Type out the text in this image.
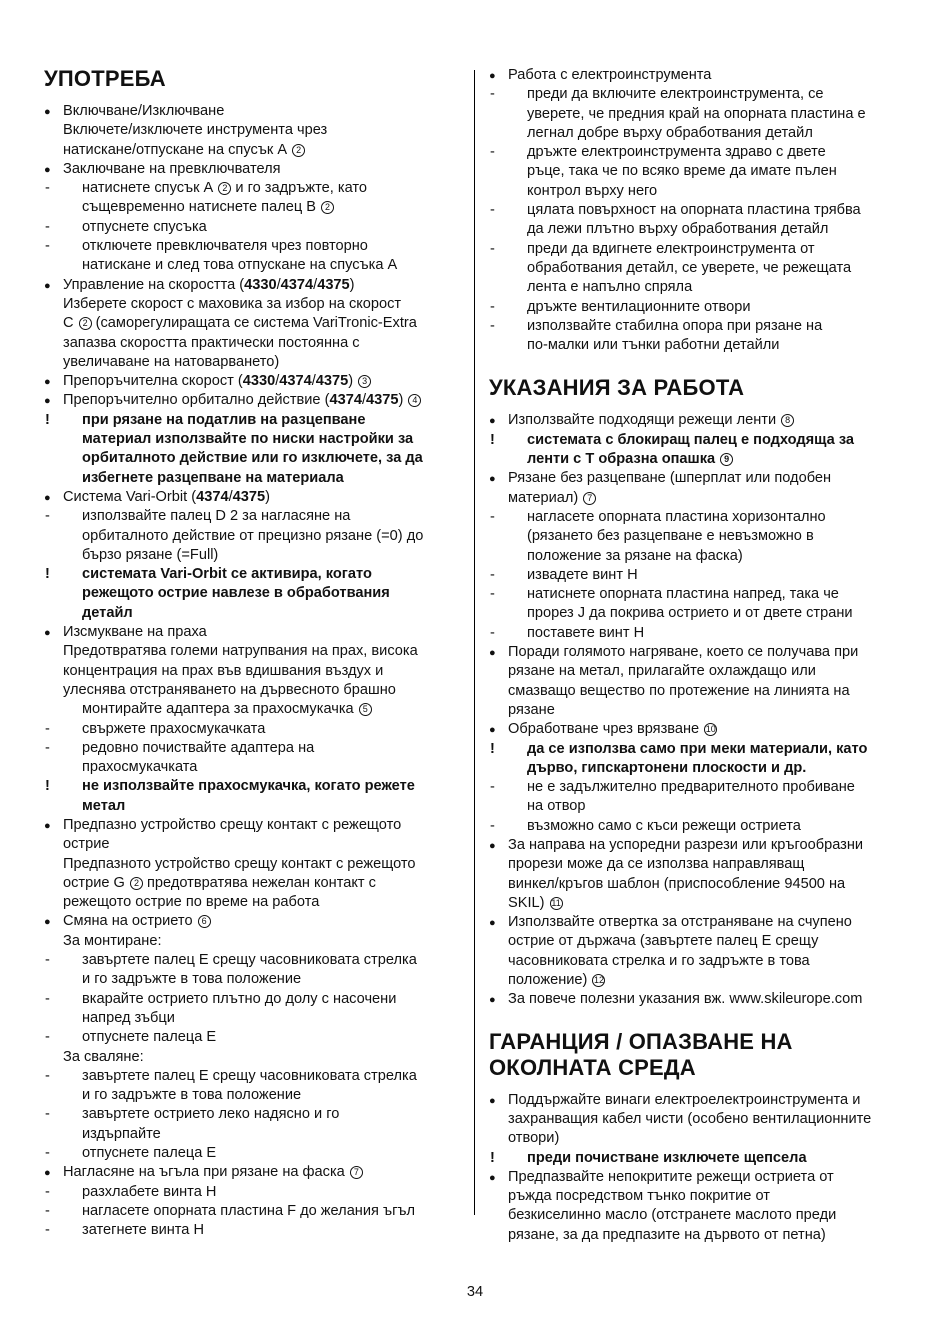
УПОТРЕБА
● Включване/Изключване
Включете/изключете инструмента чрез
натискане/отпускане на спусък А 2
● Заключване на превключвателя
- натиснете спусък А 2 и го задръжте, като
същевременно натиснете палец В 2
- отпуснете спусъка
- отключете превключвателя чрез повторно
натискане и след това отпускане на спусъка А
● Управление на скоростта (4330/4374/4375)
Изберете скорост с маховика за избор на скорост
С 2 (саморегулиращата се система VariTronic-Extra
запазва скоростта практически постоянна с
увеличаване на натоварването)
● Препоръчителна скорост (4330/4374/4375) 3
● Препоръчително орбитално действие (4374/4375) 4
! при рязане на податлив на разцепване
материал използвайте по ниски настройки за
орбиталното действие или го изключете, за да
избегнете разцепване на материала
● Система Vari-Orbit (4374/4375)
- използвайте палец D 2 за нагласяне на
орбиталното действие от прецизно рязане (=0) до
бързо рязане (=Full)
! системата Vari-Orbit се активира, когато
режещото острие навлезе в обработвания
детайл
● Изсмукване на праха
Предотвратява големи натрупвания на прах, висока
концентрация на прах във вдишвания въздух и
улеснява отстраняването на дървесното брашно
монтирайте адаптера за прахосмукачка 5
- свържете прахосмукачката
- редовно почиствайте адаптера на
прахосмукачката
! не използвайте прахосмукачка, когато режете
метал
● Предпазно устройство срещу контакт с режещото
острие
Предпазното устройство срещу контакт с режещото
острие G 2 предотвратява нежелан контакт с
режещото острие по време на работа
● Смяна на острието 6
За монтиране:
- завъртете палец Е срещу часовниковата стрелка
и го задръжте в това положение
- вкарайте острието плътно до долу с насочени
напред зъбци
- отпуснете палеца Е
За сваляне:
- завъртете палец Е срещу часовниковата стрелка
и го задръжте в това положение
- завъртете острието леко надясно и го
издърпайте
- отпуснете палеца Е
● Нагласяне на ъгъла при рязане на фаска 7
- разхлабете винта Н
- нагласете опорната пластина F до желания ъгъл
- затегнете винта Н
● Работа с електроинструмента
- преди да включите електроинструмента, се
уверете, че предния край на опорната пластина е
легнал добре върху обработвания детайл
- дръжте електроинструмента здраво с двете
ръце, така че по всяко време да имате пълен
контрол върху него
- цялата повърхност на опорната пластина трябва
да лежи плътно върху обработвания детайл
- преди да вдигнете електроинструмента от
обработвания детайл, се уверете, че режещата
лента е напълно спряла
- дръжте вентилационните отвори
- използвайте стабилна опора при рязане на
по-малки или тънки работни детайли
УКАЗАНИЯ ЗА РАБОТА
● Използвайте подходящи режещи ленти 8
! системата с блокиращ палец е подходяща за
ленти с Т образна опашка 9
● Рязане без разцепване (шперплат или подобен
материал) 7
- нагласете опорната пластина хоризонтално
(рязането без разцепване е невъзможно в
положение за рязане на фаска)
- извадете винт Н
- натиснете опорната пластина напред, така че
прорез J да покрива острието и от двете страни
- поставете винт Н
● Поради голямото нагряване, което се получава при
рязане на метал, прилагайте охлаждащо или
смазващо вещество по протежение на линията на
рязане
● Обработване чрез врязване 10
! да се използва само при меки материали, като
дърво, гипскартонени плоскости и др.
- не е задължително предварителното пробиване
на отвор
- възможно само с къси режещи остриета
● За направа на успоредни разрези или кръгообразни
прорези може да се използва направляващ
винкел/кръгов шаблон (приспособление 94500 на
SKIL) 11
● Използвайте отвертка за отстраняване на счупено
острие от държача (завъртете палец Е срещу
часовниковата стрелка и го задръжте в това
положение) 12
● За повече полезни указания вж. www.skileurope.com
ГАРАНЦИЯ / ОПАЗВАНЕ НА
ОКОЛНАТА СРЕДА
● Поддържайте винаги електроелектроинструмента и
захранващия кабел чисти (особено вентилационните
отвори)
! преди почистване изключете щепсела
● Предпазвайте непокритите режещи остриета от
ръжда посредством тънко покритие от
безкиселинно масло (отстранете маслото преди
рязане, за да предпазите на дървото от петна)
34
